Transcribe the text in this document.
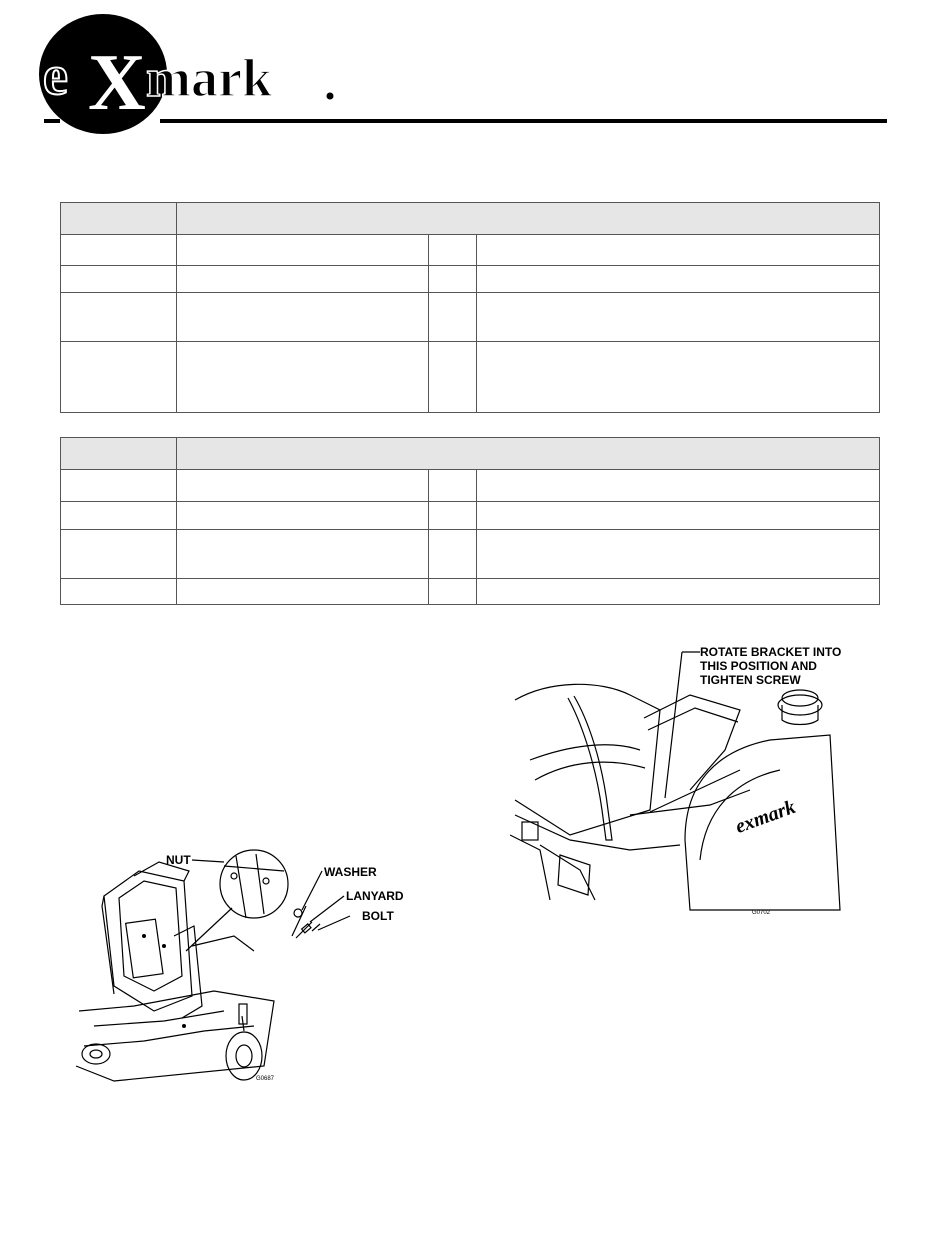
e X mark

NUT
WASHER
LANYARD
BOLT
G0687
exmark
ROTATE BRACKET INTO
THIS POSITION AND
TIGHTEN SCREW
G0702
